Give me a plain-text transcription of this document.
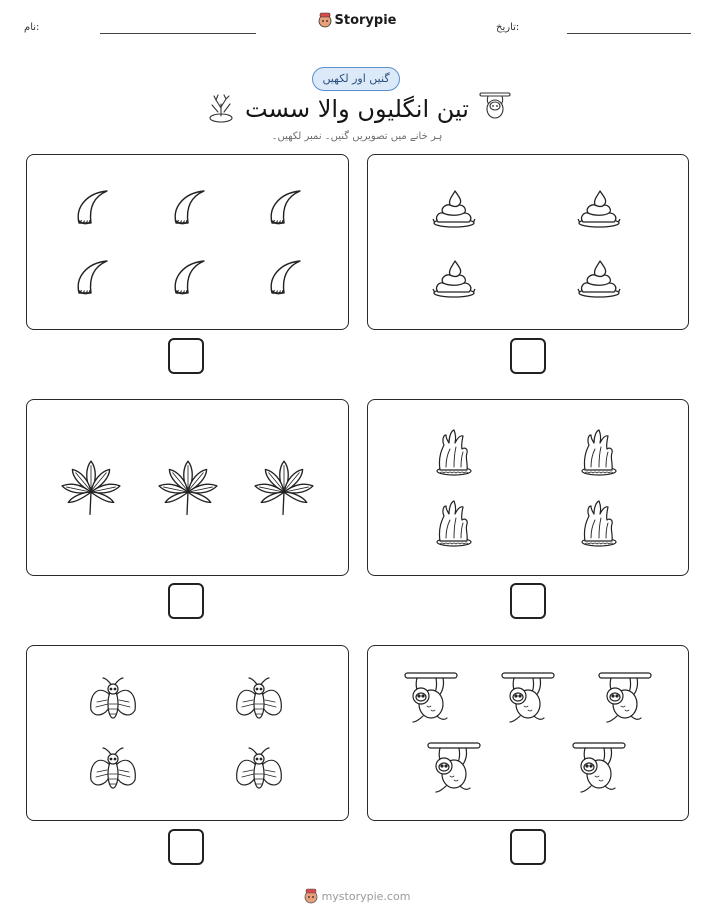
نام:	Storypie	تاریخ:
گنیں اور لکھیں
تین انگلیوں والا سست
ہر خانے میں تصویریں گنیں۔ نمبر لکھیں۔
mystorypie.com
